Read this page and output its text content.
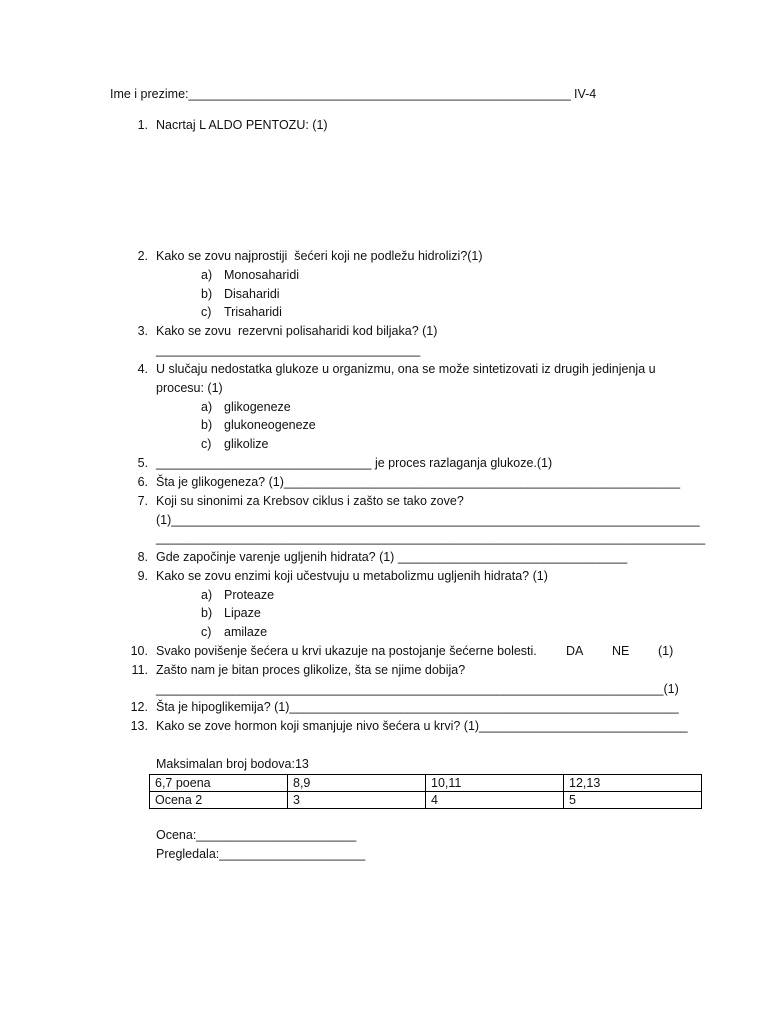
Ime i prezime:_______________________________________________________ IV-4
1. Nacrtaj L ALDO PENTOZU: (1)
2. Kako se zovu najprostiji  šećeri koji ne podležu hidrolizi?(1)
a) Monosaharidi
b) Disaharidi
c) Trisaharidi
3. Kako se zovu  rezervni polisaharidi kod biljaka? (1)
______________________________________
4. U slučaju nedostatka glukoze u organizmu, ona se može sintetizovati iz drugih jedinjenja u
procesu: (1)
a) glikogeneze
b) glukoneogeneze
c) glikolize
5. _______________________________ je proces razlaganja glukoze.(1)
6. Šta je glikogeneza? (1)_________________________________________________________
7. Koji su sinonimi za Krebsov ciklus i zašto se tako zove?
(1)____________________________________________________________________________
_______________________________________________________________________________
8. Gde započinje varenje ugljenih hidrata? (1) _________________________________
9. Kako se zovu enzimi koji učestvuju u metabolizmu ugljenih hidrata? (1)
a) Proteaze
b) Lipaze
c) amilaze
10. Svako povišenje šećera u krvi ukazuje na postojanje šećerne bolesti. DA NE (1)
11. Zašto nam je bitan proces glikolize, šta se njime dobija?
_________________________________________________________________________(1)
12. Šta je hipoglikemija? (1)________________________________________________________
13. Kako se zove hormon koji smanjuje nivo šećera u krvi? (1)______________________________
Maksimalan broj bodova:13
6,7 poena	8,9	10,11	12,13
Ocena 2	3	4	5
Ocena:_______________________
Pregledala:_____________________
